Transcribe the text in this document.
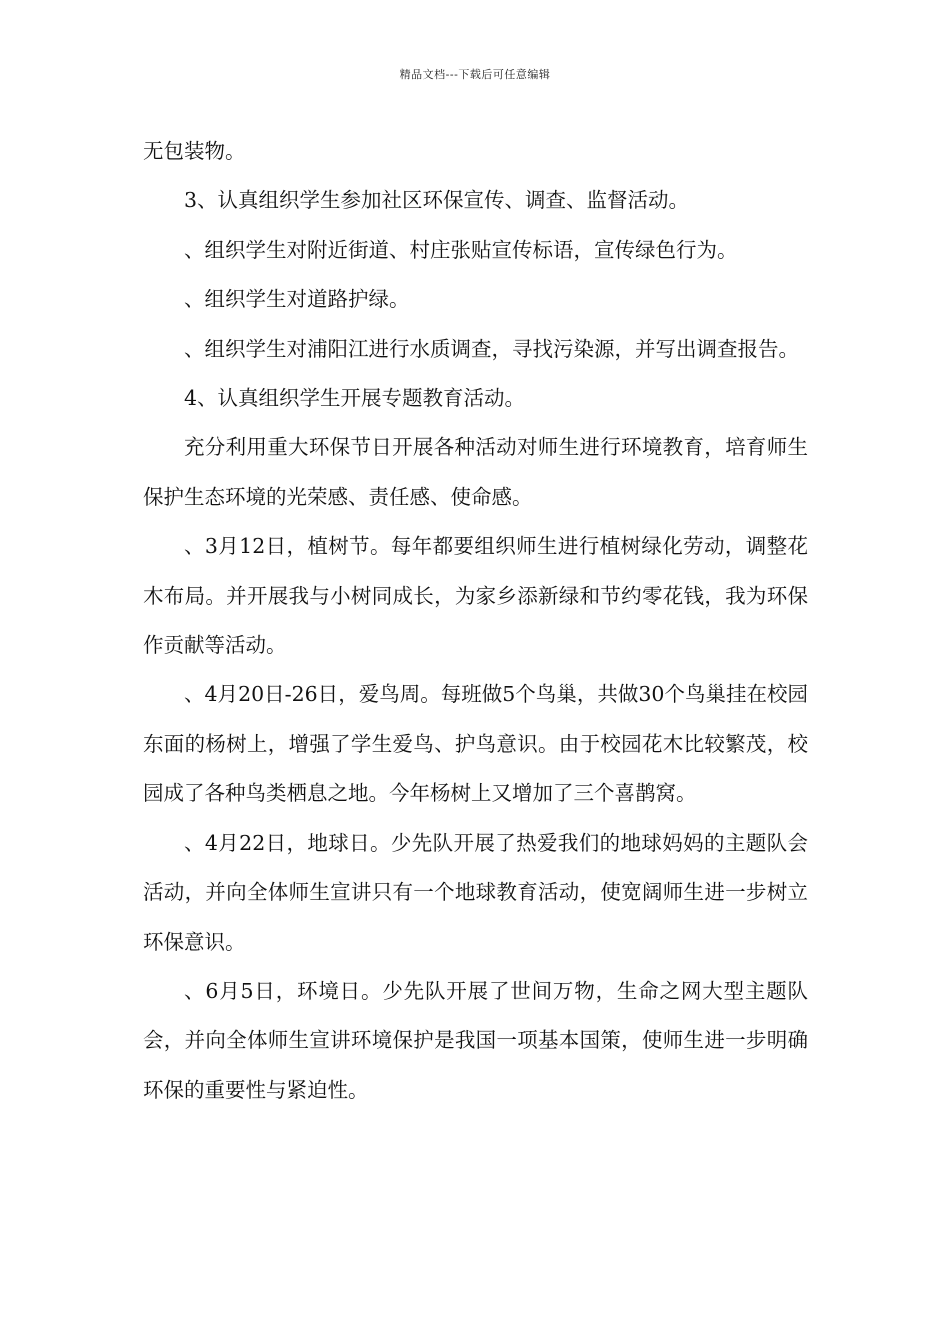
精品文档---下载后可任意编辑

无包装物。

3、认真组织学生参加社区环保宣传、调查、监督活动。

、组织学生对附近街道、村庄张贴宣传标语，宣传绿色行为。

、组织学生对道路护绿。

、组织学生对浦阳江进行水质调查，寻找污染源，并写出调查报告。

4、认真组织学生开展专题教育活动。

充分利用重大环保节日开展各种活动对师生进行环境教育，培育师生保护生态环境的光荣感、责任感、使命感。

、3月12日，植树节。每年都要组织师生进行植树绿化劳动，调整花木布局。并开展我与小树同成长，为家乡添新绿和节约零花钱，我为环保作贡献等活动。

、4月20日-26日，爱鸟周。每班做5个鸟巢，共做30个鸟巢挂在校园东面的杨树上，增强了学生爱鸟、护鸟意识。由于校园花木比较繁茂，校园成了各种鸟类栖息之地。今年杨树上又增加了三个喜鹊窝。

、4月22日，地球日。少先队开展了热爱我们的地球妈妈的主题队会活动，并向全体师生宣讲只有一个地球教育活动，使宽阔师生进一步树立环保意识。

、6月5日，环境日。少先队开展了世间万物，生命之网大型主题队会，并向全体师生宣讲环境保护是我国一项基本国策，使师生进一步明确环保的重要性与紧迫性。
